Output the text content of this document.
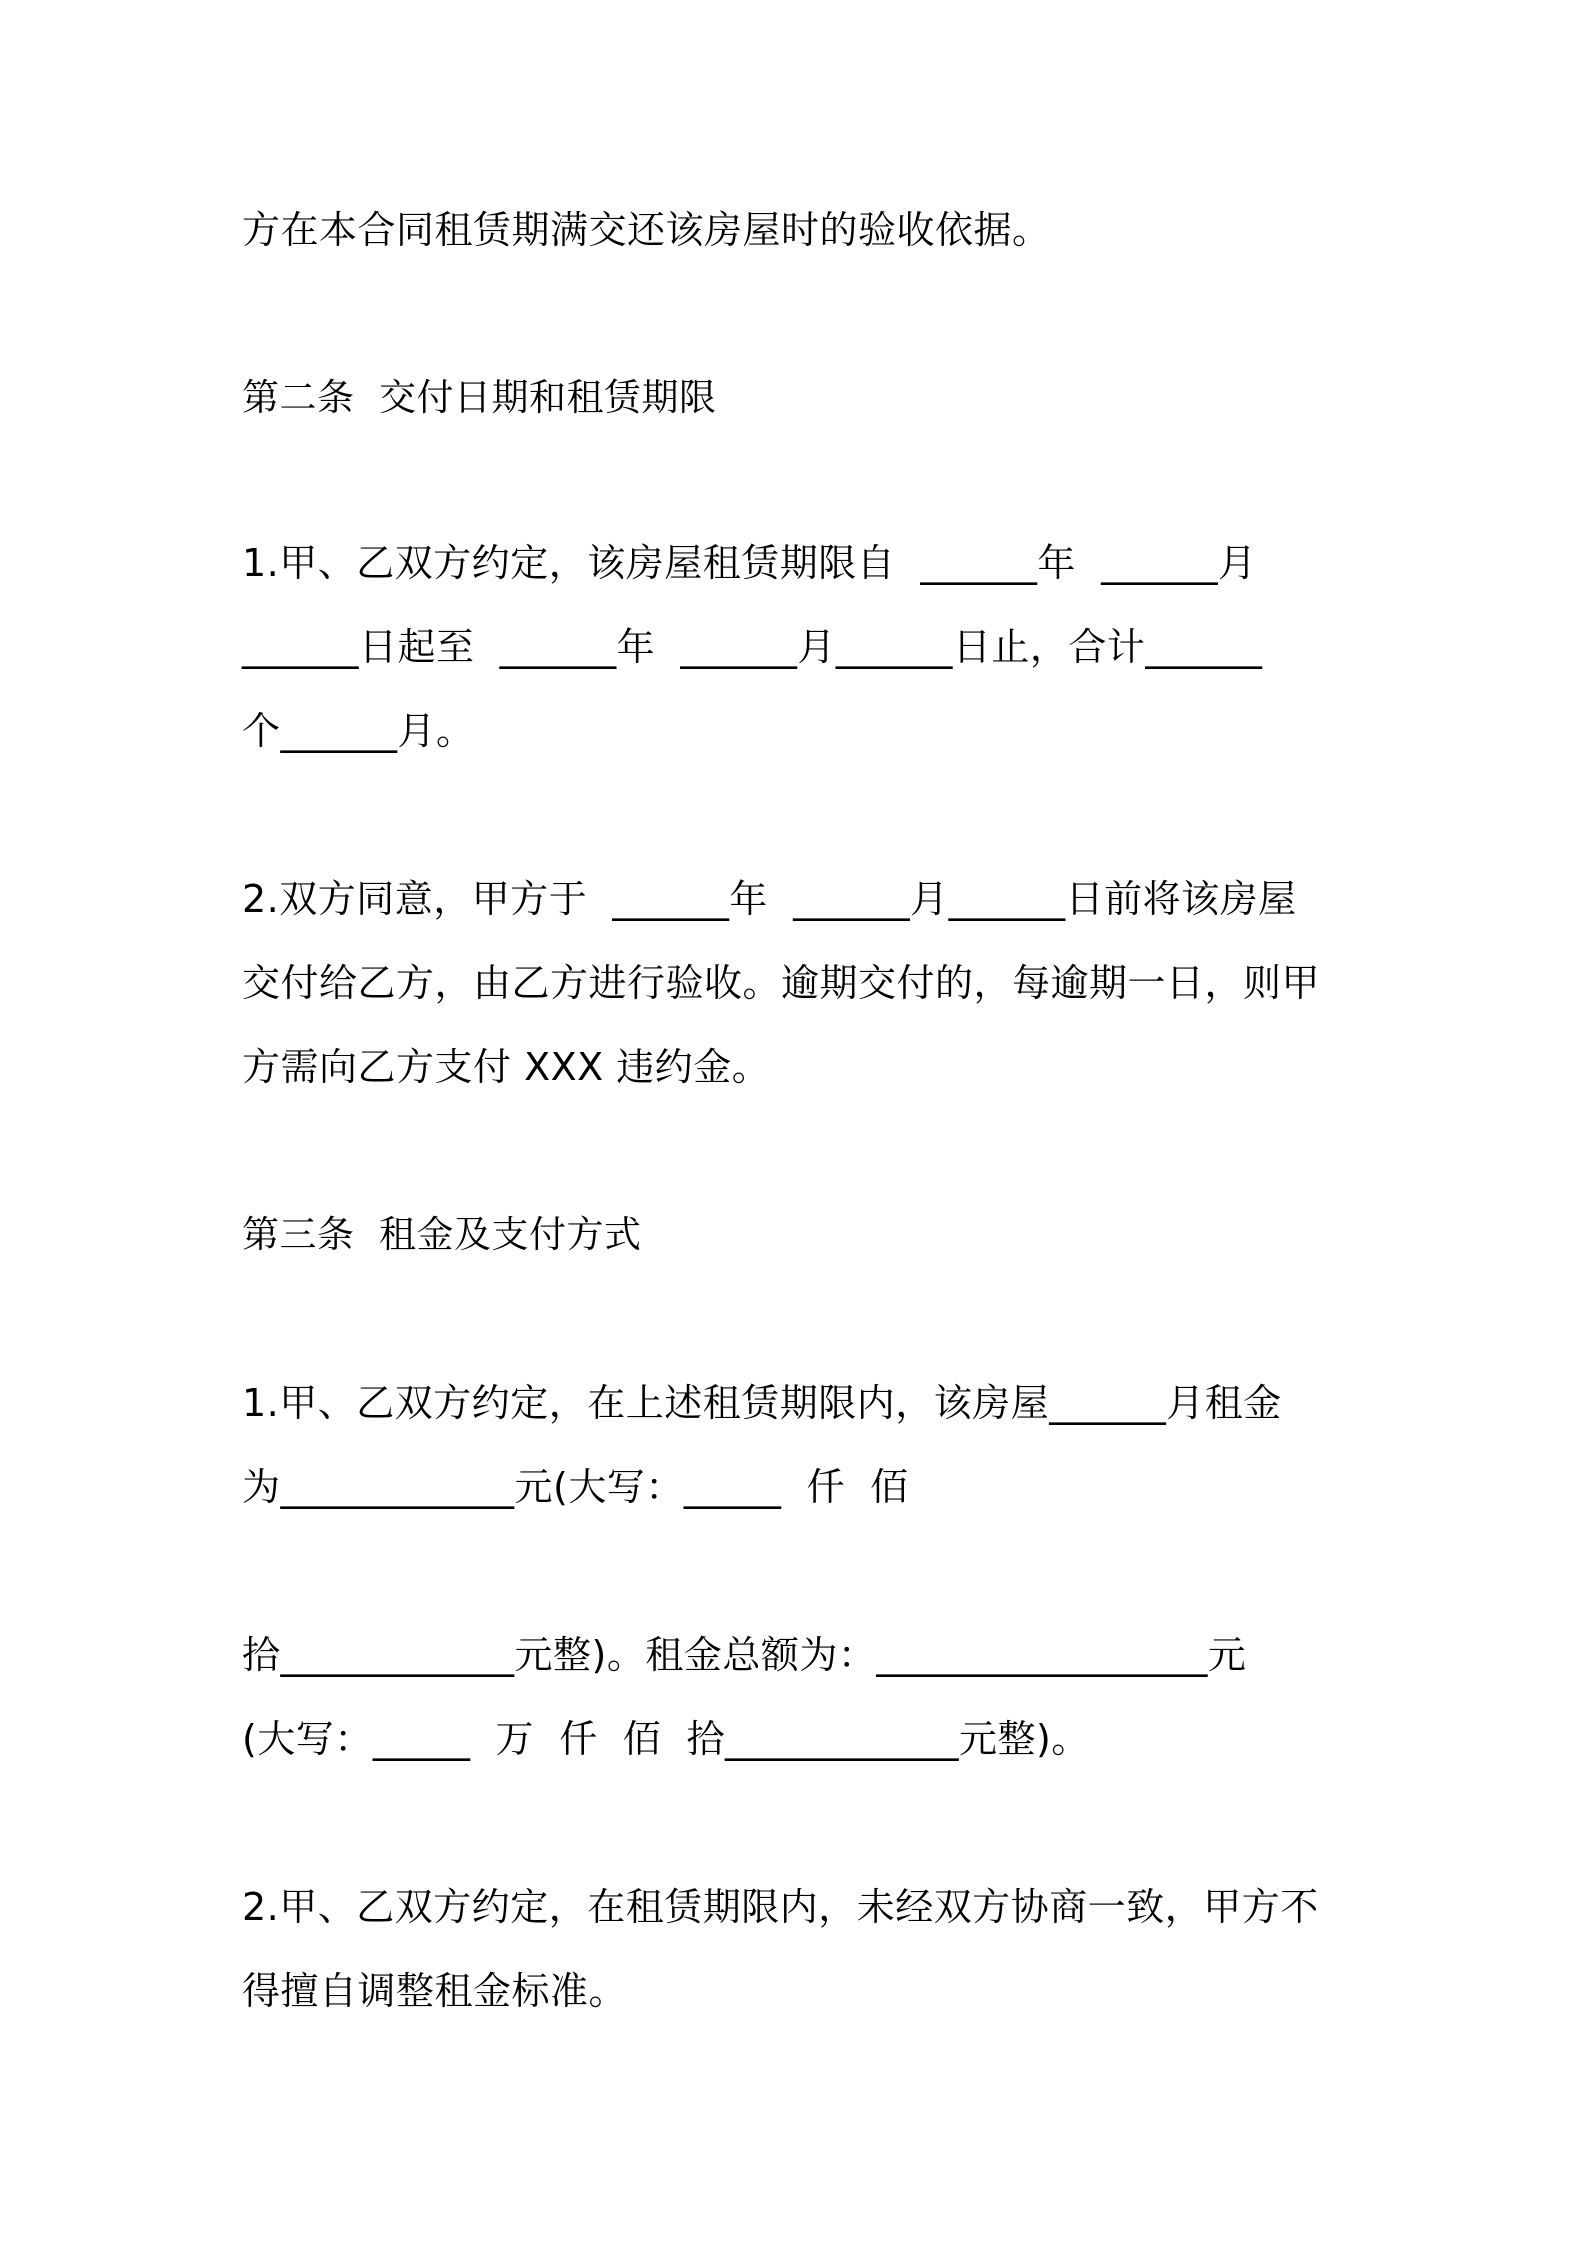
方在本合同租赁期满交还该房屋时的验收依据。
第二条  交付日期和租赁期限
1.甲、乙双方约定，该房屋租赁期限自  ______年  ______月
______日起至  ______年  ______月______日止，合计______
个______月。
2.双方同意，甲方于  ______年  ______月______日前将该房屋
交付给乙方，由乙方进行验收。逾期交付的，每逾期一日，则甲
方需向乙方支付 XXX 违约金。
第三条  租金及支付方式
1.甲、乙双方约定，在上述租赁期限内，该房屋______月租金
为____________元(大写：_____  仟  佰
拾____________元整)。租金总额为：_________________元
(大写：_____  万  仟  佰  拾____________元整)。
2.甲、乙双方约定，在租赁期限内，未经双方协商一致，甲方不
得擅自调整租金标准。
